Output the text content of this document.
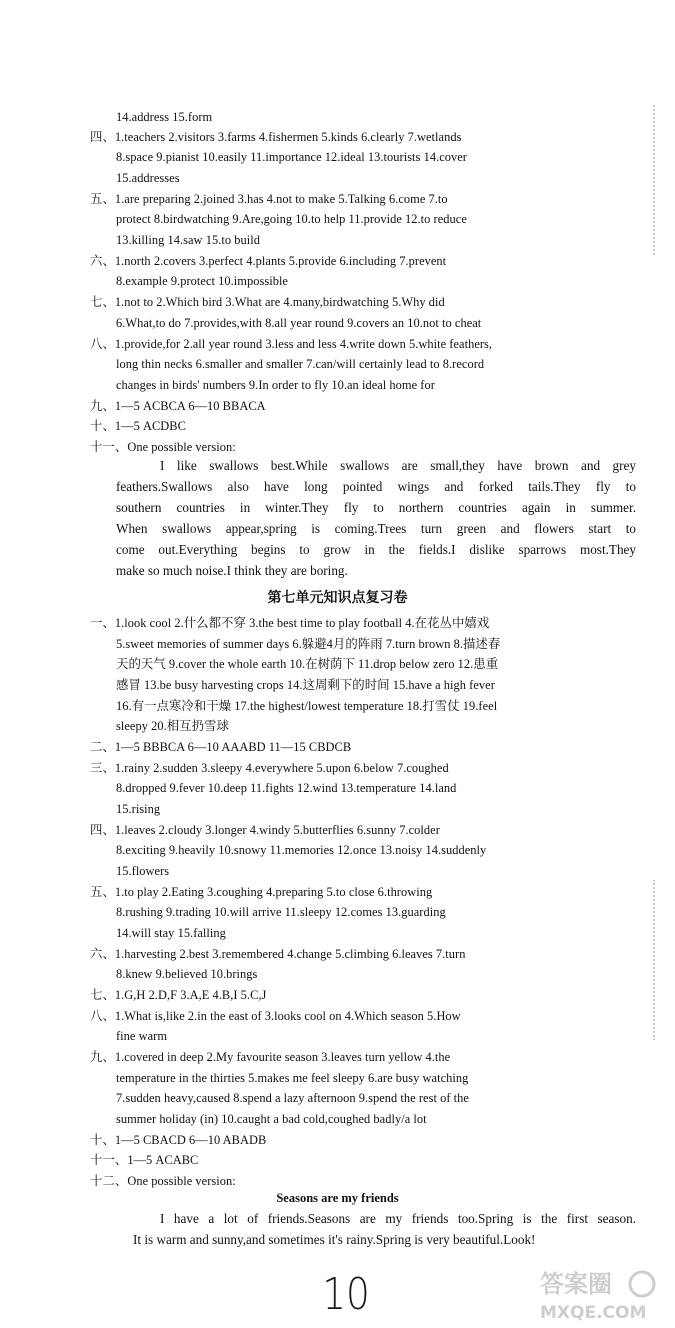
14.address 15.form
四、1.teachers 2.visitors 3.farms 4.fishermen 5.kinds 6.clearly 7.wetlands
8.space 9.pianist 10.easily 11.importance 12.ideal 13.tourists 14.cover
15.addresses
五、1.are preparing 2.joined 3.has 4.not to make 5.Talking 6.come 7.to
protect 8.birdwatching 9.Are,going 10.to help 11.provide 12.to reduce
13.killing 14.saw 15.to build
六、1.north 2.covers 3.perfect 4.plants 5.provide 6.including 7.prevent
8.example 9.protect 10.impossible
七、1.not to 2.Which bird 3.What are 4.many,birdwatching 5.Why did
6.What,to do 7.provides,with 8.all year round 9.covers an 10.not to cheat
八、1.provide,for 2.all year round 3.less and less 4.write down 5.white feathers,
long thin necks 6.smaller and smaller 7.can/will certainly lead to 8.record
changes in birds' numbers 9.In order to fly 10.an ideal home for
九、1—5 ACBCA 6—10 BBACA
十、1—5 ACDBC
十一、One possible version:
I like swallows best.While swallows are small,they have brown and grey
feathers.Swallows also have long pointed wings and forked tails.They fly to
southern countries in winter.They fly to northern countries again in summer.
When swallows appear,spring is coming.Trees turn green and flowers start to
come out.Everything begins to grow in the fields.I dislike sparrows most.They
make so much noise.I think they are boring.
第七单元知识点复习卷
一、1.look cool 2.什么都不穿 3.the best time to play football 4.在花丛中嬉戏
5.sweet memories of summer days 6.躲避4月的阵雨 7.turn brown 8.描述春
天的天气 9.cover the whole earth 10.在树荫下 11.drop below zero 12.患重
感冒 13.be busy harvesting crops 14.这周剩下的时间 15.have a high fever
16.有一点寒冷和干燥 17.the highest/lowest temperature 18.打雪仗 19.feel
sleepy 20.相互扔雪球
二、1—5 BBBCA 6—10 AAABD 11—15 CBDCB
三、1.rainy 2.sudden 3.sleepy 4.everywhere 5.upon 6.below 7.coughed
8.dropped 9.fever 10.deep 11.fights 12.wind 13.temperature 14.land
15.rising
四、1.leaves 2.cloudy 3.longer 4.windy 5.butterflies 6.sunny 7.colder
8.exciting 9.heavily 10.snowy 11.memories 12.once 13.noisy 14.suddenly
15.flowers
五、1.to play 2.Eating 3.coughing 4.preparing 5.to close 6.throwing
8.rushing 9.trading 10.will arrive 11.sleepy 12.comes 13.guarding
14.will stay 15.falling
六、1.harvesting 2.best 3.remembered 4.change 5.climbing 6.leaves 7.turn
8.knew 9.believed 10.brings
七、1.G,H 2.D,F 3.A,E 4.B,I 5.C,J
八、1.What is,like 2.in the east of 3.looks cool on 4.Which season 5.How
fine warm
九、1.covered in deep 2.My favourite season 3.leaves turn yellow 4.the
temperature in the thirties 5.makes me feel sleepy 6.are busy watching
7.sudden heavy,caused 8.spend a lazy afternoon 9.spend the rest of the
summer holiday (in) 10.caught a bad cold,coughed badly/a lot
十、1—5 CBACD 6—10 ABADB
十一、1—5 ACABC
十二、One possible version:
Seasons are my friends
I have a lot of friends.Seasons are my friends too.Spring is the first season.
It is warm and sunny,and sometimes it's rainy.Spring is very beautiful.Look!
10	答案圈
MXQE.COM
